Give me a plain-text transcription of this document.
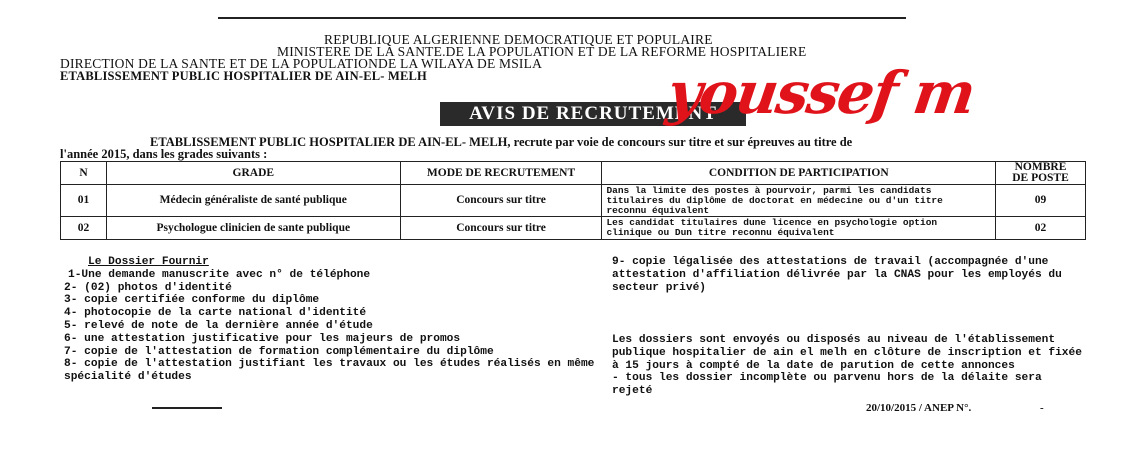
REPUBLIQUE ALGERIENNE DEMOCRATIQUE ET POPULAIRE
MINISTERE DE LA SANTE.DE LA POPULATION ET DE LA REFORME HOSPITALIERE
DIRECTION DE LA SANTE ET DE LA POPULATIONDE LA WILAYA DE MSILA
ETABLISSEMENT PUBLIC HOSPITALIER DE AIN-EL- MELH
AVIS DE RECRUTEMENT
ETABLISSEMENT PUBLIC HOSPITALIER DE AIN-EL- MELH, recrute par voie de concours sur titre et sur épreuves au titre de
l'année 2015, dans les grades suivants :
N	GRADE	MODE DE RECRUTEMENT	CONDITION DE PARTICIPATION	NOMBRE
DE POSTE

01	Médecin généraliste de santé publique	Concours sur titre	Dans la limite des postes à pourvoir, parmi les candidats
titulaires du diplôme de doctorat en médecine ou d'un titre
reconnu équivalent	09
02	Psychologue clinicien de sante publique	Concours sur titre	Les candidat titulaires dune licence en psychologie option
clinique ou Dun titre reconnu équivalent	02
Le Dossier Fournir
1-Une demande manuscrite avec n° de téléphone
2- (02) photos d'identité
3- copie certifiée conforme du diplôme
4- photocopie de la carte national d'identité
5- relevé de note de la dernière année d'étude
6- une attestation justificative pour les majeurs de promos
7- copie de l'attestation de formation complémentaire du diplôme
8- copie de l'attestation justifiant les travaux ou les études réalisés en même
spécialité d'études
9- copie légalisée des attestations de travail (accompagnée d'une
attestation d'affiliation délivrée par la CNAS pour les employés du
secteur privé)
Les dossiers sont envoyés ou disposés au niveau de l'établissement
publique hospitalier de ain el melh en clôture de inscription et fixée
à 15 jours à compté de la date de parution de cette annonces
- tous les dossier incomplète ou parvenu hors de la délaite sera
rejeté
20/10/2015 / ANEP N°.	-
youssef m
